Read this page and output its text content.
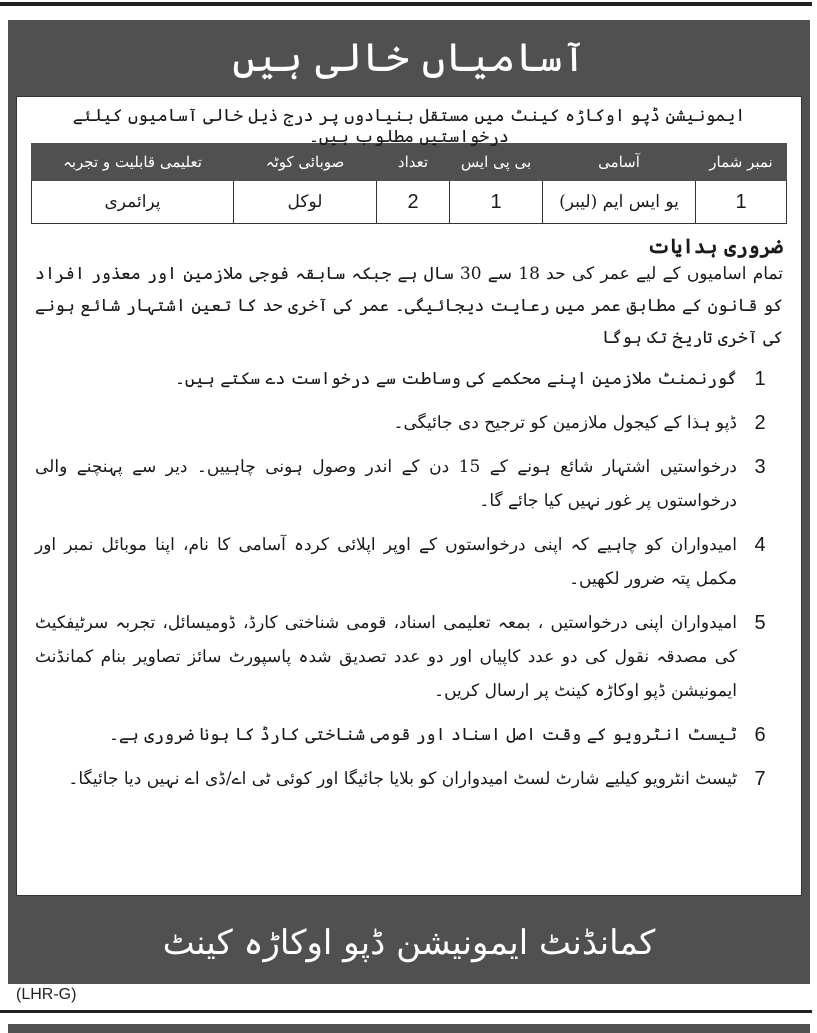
آسامیاں خالی ہیں
ایمونیشن ڈپو اوکاڑہ کینٹ میں مستقل بنیادوں پر درج ذیل خالی آسامیوں کیلئے درخواستیں مطلوب ہیں۔
نمبر شمار	آسامی	بی پی ایس	تعداد	صوبائی کوٹہ	تعلیمی قابلیت و تجربہ
1	یو ایس ایم (لیبر)	1	2	لوکل	پرائمری
ضروری ہدایات
تمام اسامیوں کے لیے عمر کی حد 18 سے 30 سال ہے جبکہ سابقہ فوجی ملازمین اور معذور افراد کو قانون کے مطابق عمر میں رعایت دیجائیگی۔ عمر کی آخری حد کا تعین اشتہار شائع ہونے کی آخری تاریخ تک ہوگا
1
گورنمنٹ ملازمین اپنے محکمے کی وساطت سے درخواست دے سکتے ہیں۔
2
ڈپو ہذا کے کیجول ملازمین کو ترجیح دی جائیگی۔
3
درخواستیں اشتہار شائع ہونے کے 15 دن کے اندر وصول ہونی چاہییں۔ دیر سے پہنچنے والی درخواستوں پر غور نہیں کیا جائے گا۔
4
امیدواران کو چاہیے کہ اپنی درخواستوں کے اوپر اپلائی کردہ آسامی کا نام، اپنا موبائل نمبر اور مکمل پتہ ضرور لکھیں۔
5
امیدواران اپنی درخواستیں ، بمعہ تعلیمی اسناد، قومی شناختی کارڈ، ڈومیسائل، تجربہ سرٹیفکیٹ کی مصدقہ نقول کی دو عدد کاپیاں اور دو عدد تصدیق شدہ پاسپورٹ سائز تصاویر بنام کمانڈنٹ ایمونیشن ڈپو اوکاڑہ کینٹ پر ارسال کریں۔
6
ٹیسٹ انٹرویو کے وقت اصل اسناد اور قومی شناختی کارڈ کا ہونا ضروری ہے۔
7
ٹیسٹ انٹرویو کیلیے شارٹ لسٹ امیدواران کو بلایا جائیگا اور کوئی ٹی اے/ڈی اے نہیں دیا جائیگا۔
کمانڈنٹ ایمونیشن ڈپو اوکاڑہ کینٹ
(LHR-G)
